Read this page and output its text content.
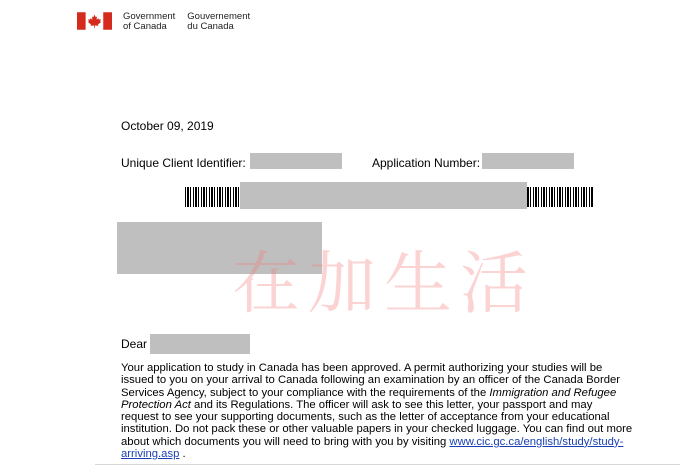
Government
of Canada
Gouvernement
du Canada
October 09, 2019
Unique Client Identifier:	Application Number:
在加生活
Dear
Your application to study in Canada has been approved. A permit authorizing your studies will be issued to you on your arrival to Canada following an examination by an officer of the Canada Border Services Agency, subject to your compliance with the requirements of the Immigration and Refugee Protection Act and its Regulations. The officer will ask to see this letter, your passport and may request to see your supporting documents, such as the letter of acceptance from your educational institution. Do not pack these or other valuable papers in your checked luggage. You can find out more about which documents you will need to bring with you by visiting www.cic.gc.ca/english/study/study-arriving.asp .
